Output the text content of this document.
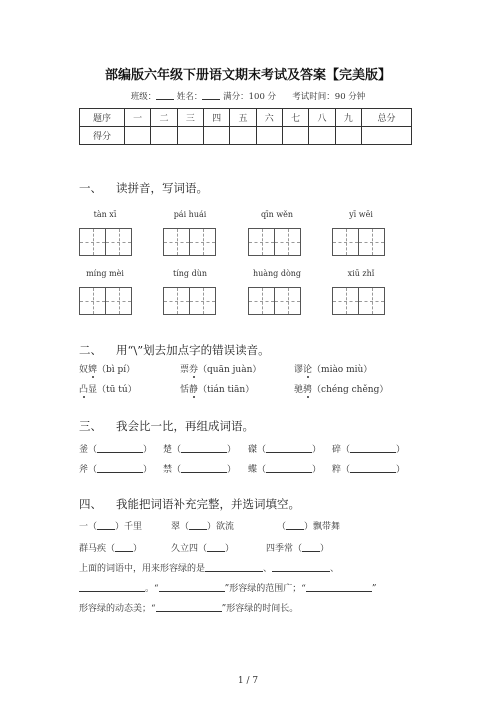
部编版六年级下册语文期末考试及答案【完美版】
班级： 姓名： 满分：100 分 考试时间：90 分钟
题序	一	二	三	四	五	六	七	八	九	总分
得分										
一、 读拼音，写词语。
tàn xī	pái huái	qīn wěn	yī wēi
míng mèi	tíng dùn	huàng dòng	xiū zhǐ
二、 用“\”划去加点字的错误读音。
奴婢（bì pí）	票券（quān juàn）	谬论（miào miù）
凸显（tū tú）	恬静（tián tiān）	驰骋（chéng chěng）
三、 我会比一比，再组成词语。
釜（	） 楚（	） 磔（	） 碎（	）
斧（	） 禁（	） 蝶（	） 粹（	）
四、 我能把词语补充完整，并选词填空。
一（ ）千里	翠（ ）欲流	（ ）飘带舞
群马疾（ ）	久立四（ ）	四季常（ ）
上面的词语中，用来形容绿的是	、	、
。“	”形容绿的范围广；“	”
形容绿的动态美；“	”形容绿的时间长。
1 / 7
